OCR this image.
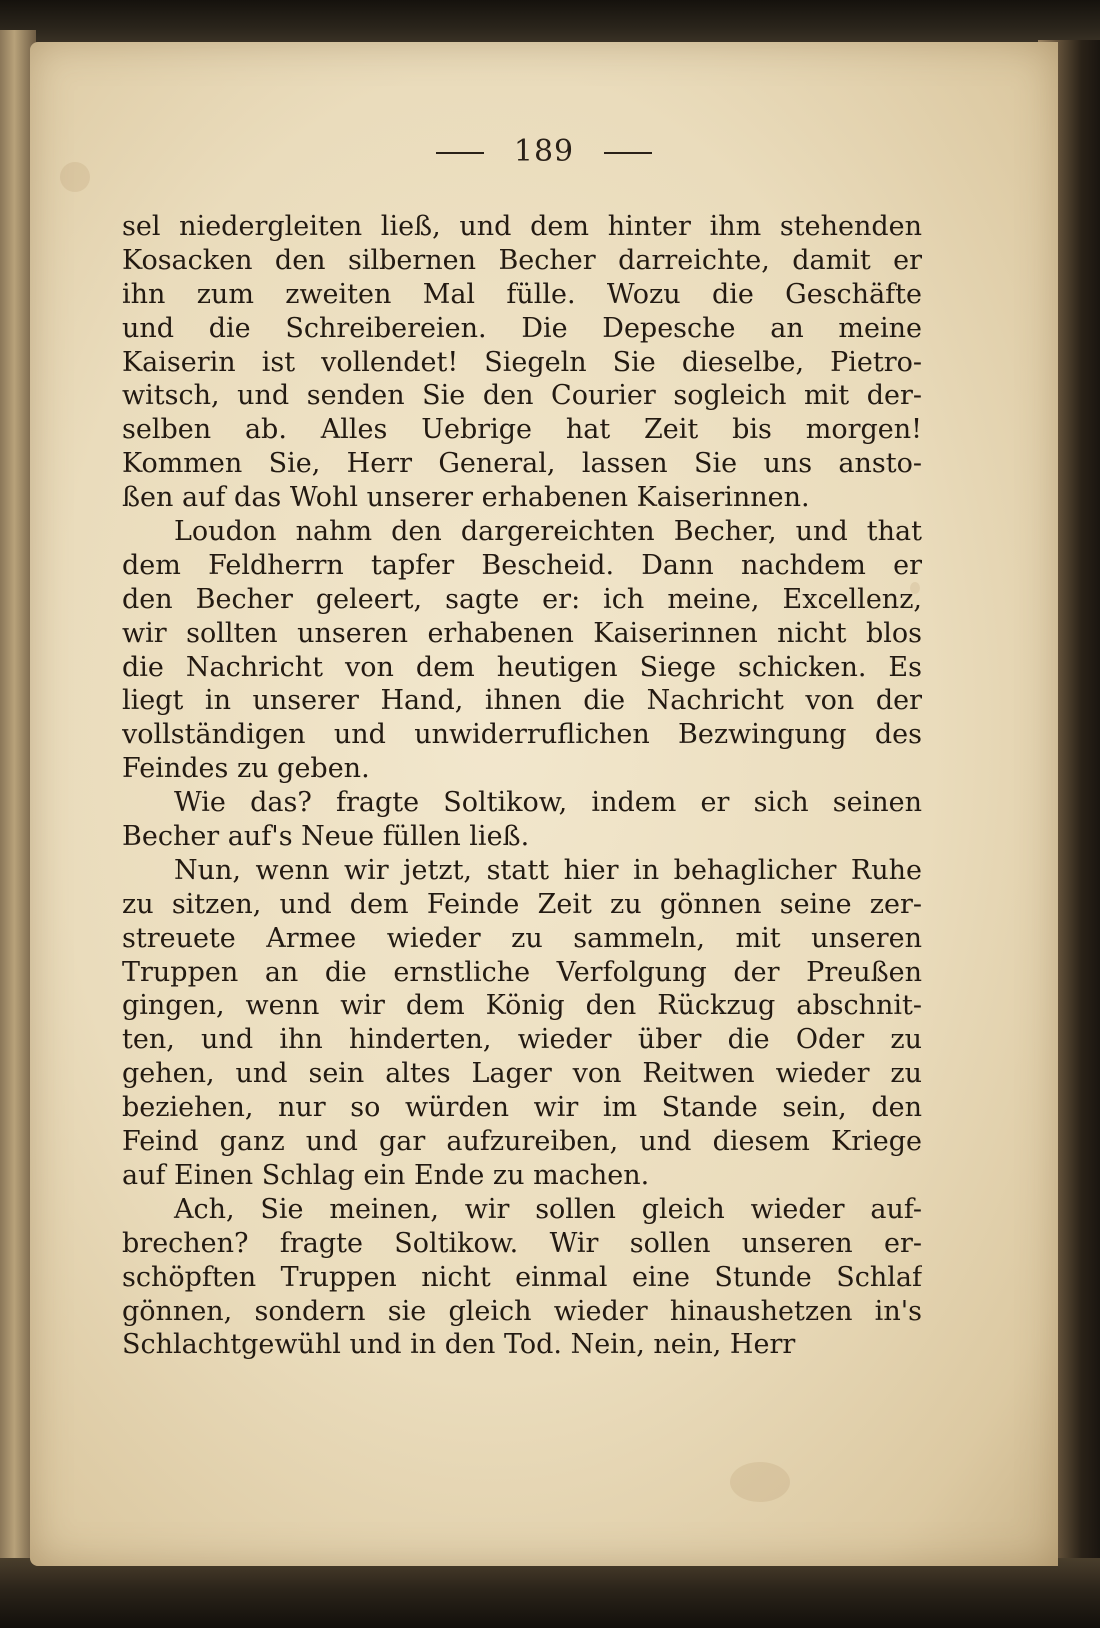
189
sel niedergleiten ließ, und dem hinter ihm stehenden
Kosacken den silbernen Becher darreichte, damit er
ihn zum zweiten Mal fülle. Wozu die Geschäfte
und die Schreibereien. Die Depesche an meine
Kaiserin ist vollendet! Siegeln Sie dieselbe, Pietro-
witsch, und senden Sie den Courier sogleich mit der-
selben ab. Alles Uebrige hat Zeit bis morgen!
Kommen Sie, Herr General, lassen Sie uns ansto-
ßen auf das Wohl unserer erhabenen Kaiserinnen.
Loudon nahm den dargereichten Becher, und that
dem Feldherrn tapfer Bescheid. Dann nachdem er
den Becher geleert, sagte er: ich meine, Excellenz,
wir sollten unseren erhabenen Kaiserinnen nicht blos
die Nachricht von dem heutigen Siege schicken. Es
liegt in unserer Hand, ihnen die Nachricht von der
vollständigen und unwiderruflichen Bezwingung des
Feindes zu geben.
Wie das? fragte Soltikow, indem er sich seinen
Becher auf's Neue füllen ließ.
Nun, wenn wir jetzt, statt hier in behaglicher Ruhe
zu sitzen, und dem Feinde Zeit zu gönnen seine zer-
streuete Armee wieder zu sammeln, mit unseren
Truppen an die ernstliche Verfolgung der Preußen
gingen, wenn wir dem König den Rückzug abschnit-
ten, und ihn hinderten, wieder über die Oder zu
gehen, und sein altes Lager von Reitwen wieder zu
beziehen, nur so würden wir im Stande sein, den
Feind ganz und gar aufzureiben, und diesem Kriege
auf Einen Schlag ein Ende zu machen.
Ach, Sie meinen, wir sollen gleich wieder auf-
brechen? fragte Soltikow. Wir sollen unseren er-
schöpften Truppen nicht einmal eine Stunde Schlaf
gönnen, sondern sie gleich wieder hinaushetzen in's
Schlachtgewühl und in den Tod. Nein, nein, Herr
